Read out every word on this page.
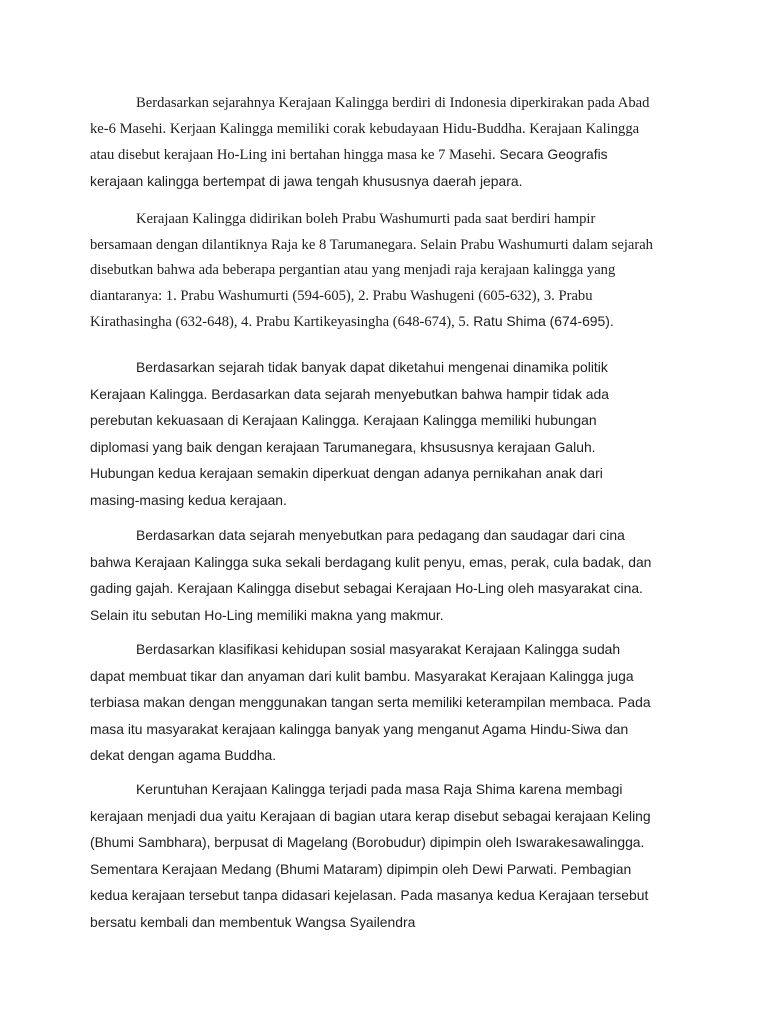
Berdasarkan sejarahnya Kerajaan Kalingga berdiri di Indonesia diperkirakan pada Abad
ke-6 Masehi. Kerjaan Kalingga memiliki corak kebudayaan Hidu-Buddha. Kerajaan Kalingga
atau disebut kerajaan Ho-Ling ini bertahan hingga masa ke 7 Masehi. Secara Geografis
kerajaan kalingga bertempat di jawa tengah khususnya daerah jepara.
Kerajaan Kalingga didirikan boleh Prabu Washumurti pada saat berdiri hampir
bersamaan dengan dilantiknya Raja ke 8 Tarumanegara. Selain Prabu Washumurti dalam sejarah
disebutkan bahwa ada beberapa pergantian atau yang menjadi raja kerajaan kalingga yang
diantaranya: 1. Prabu Washumurti (594-605), 2. Prabu Washugeni (605-632), 3. Prabu
Kirathasingha (632-648), 4. Prabu Kartikeyasingha (648-674), 5. Ratu Shima (674-695).
Berdasarkan sejarah tidak banyak dapat diketahui mengenai dinamika politik
Kerajaan Kalingga. Berdasarkan data sejarah menyebutkan bahwa hampir tidak ada
perebutan kekuasaan di Kerajaan Kalingga. Kerajaan Kalingga memiliki hubungan
diplomasi yang baik dengan kerajaan Tarumanegara, khsususnya kerajaan Galuh.
Hubungan kedua kerajaan semakin diperkuat dengan adanya pernikahan anak dari
masing-masing kedua kerajaan.
Berdasarkan data sejarah menyebutkan para pedagang dan saudagar dari cina
bahwa Kerajaan Kalingga suka sekali berdagang kulit penyu, emas, perak, cula badak, dan
gading gajah. Kerajaan Kalingga disebut sebagai Kerajaan Ho-Ling oleh masyarakat cina.
Selain itu sebutan Ho-Ling memiliki makna yang makmur.
Berdasarkan klasifikasi kehidupan sosial masyarakat Kerajaan Kalingga sudah
dapat membuat tikar dan anyaman dari kulit bambu. Masyarakat Kerajaan Kalingga juga
terbiasa makan dengan menggunakan tangan serta memiliki keterampilan membaca. Pada
masa itu masyarakat kerajaan kalingga banyak yang menganut Agama Hindu-Siwa dan
dekat dengan agama Buddha.
Keruntuhan Kerajaan Kalingga terjadi pada masa Raja Shima karena membagi
kerajaan menjadi dua yaitu Kerajaan di bagian utara kerap disebut sebagai kerajaan Keling
(Bhumi Sambhara), berpusat di Magelang (Borobudur) dipimpin oleh Iswarakesawalingga.
Sementara Kerajaan Medang (Bhumi Mataram) dipimpin oleh Dewi Parwati. Pembagian
kedua kerajaan tersebut tanpa didasari kejelasan. Pada masanya kedua Kerajaan tersebut
bersatu kembali dan membentuk Wangsa Syailendra
